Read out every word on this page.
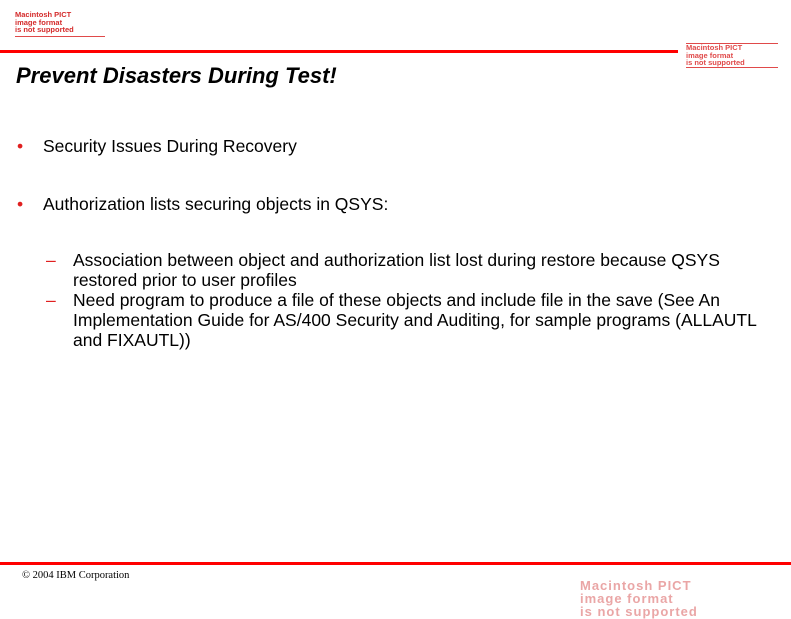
Macintosh PICT
image format
is not supported
Macintosh PICT
image format
is not supported
Prevent Disasters During Test!
•	Security Issues During Recovery
•	Authorization lists securing objects in QSYS:
– Association between object and authorization list lost during restore because QSYS restored prior to user profiles
– Need program to produce a file of these objects and include file in the save (See An Implementation Guide for AS/400 Security and Auditing, for sample programs (ALLAUTL and FIXAUTL))
© 2004 IBM Corporation
Macintosh PICT
image format
is not supported
